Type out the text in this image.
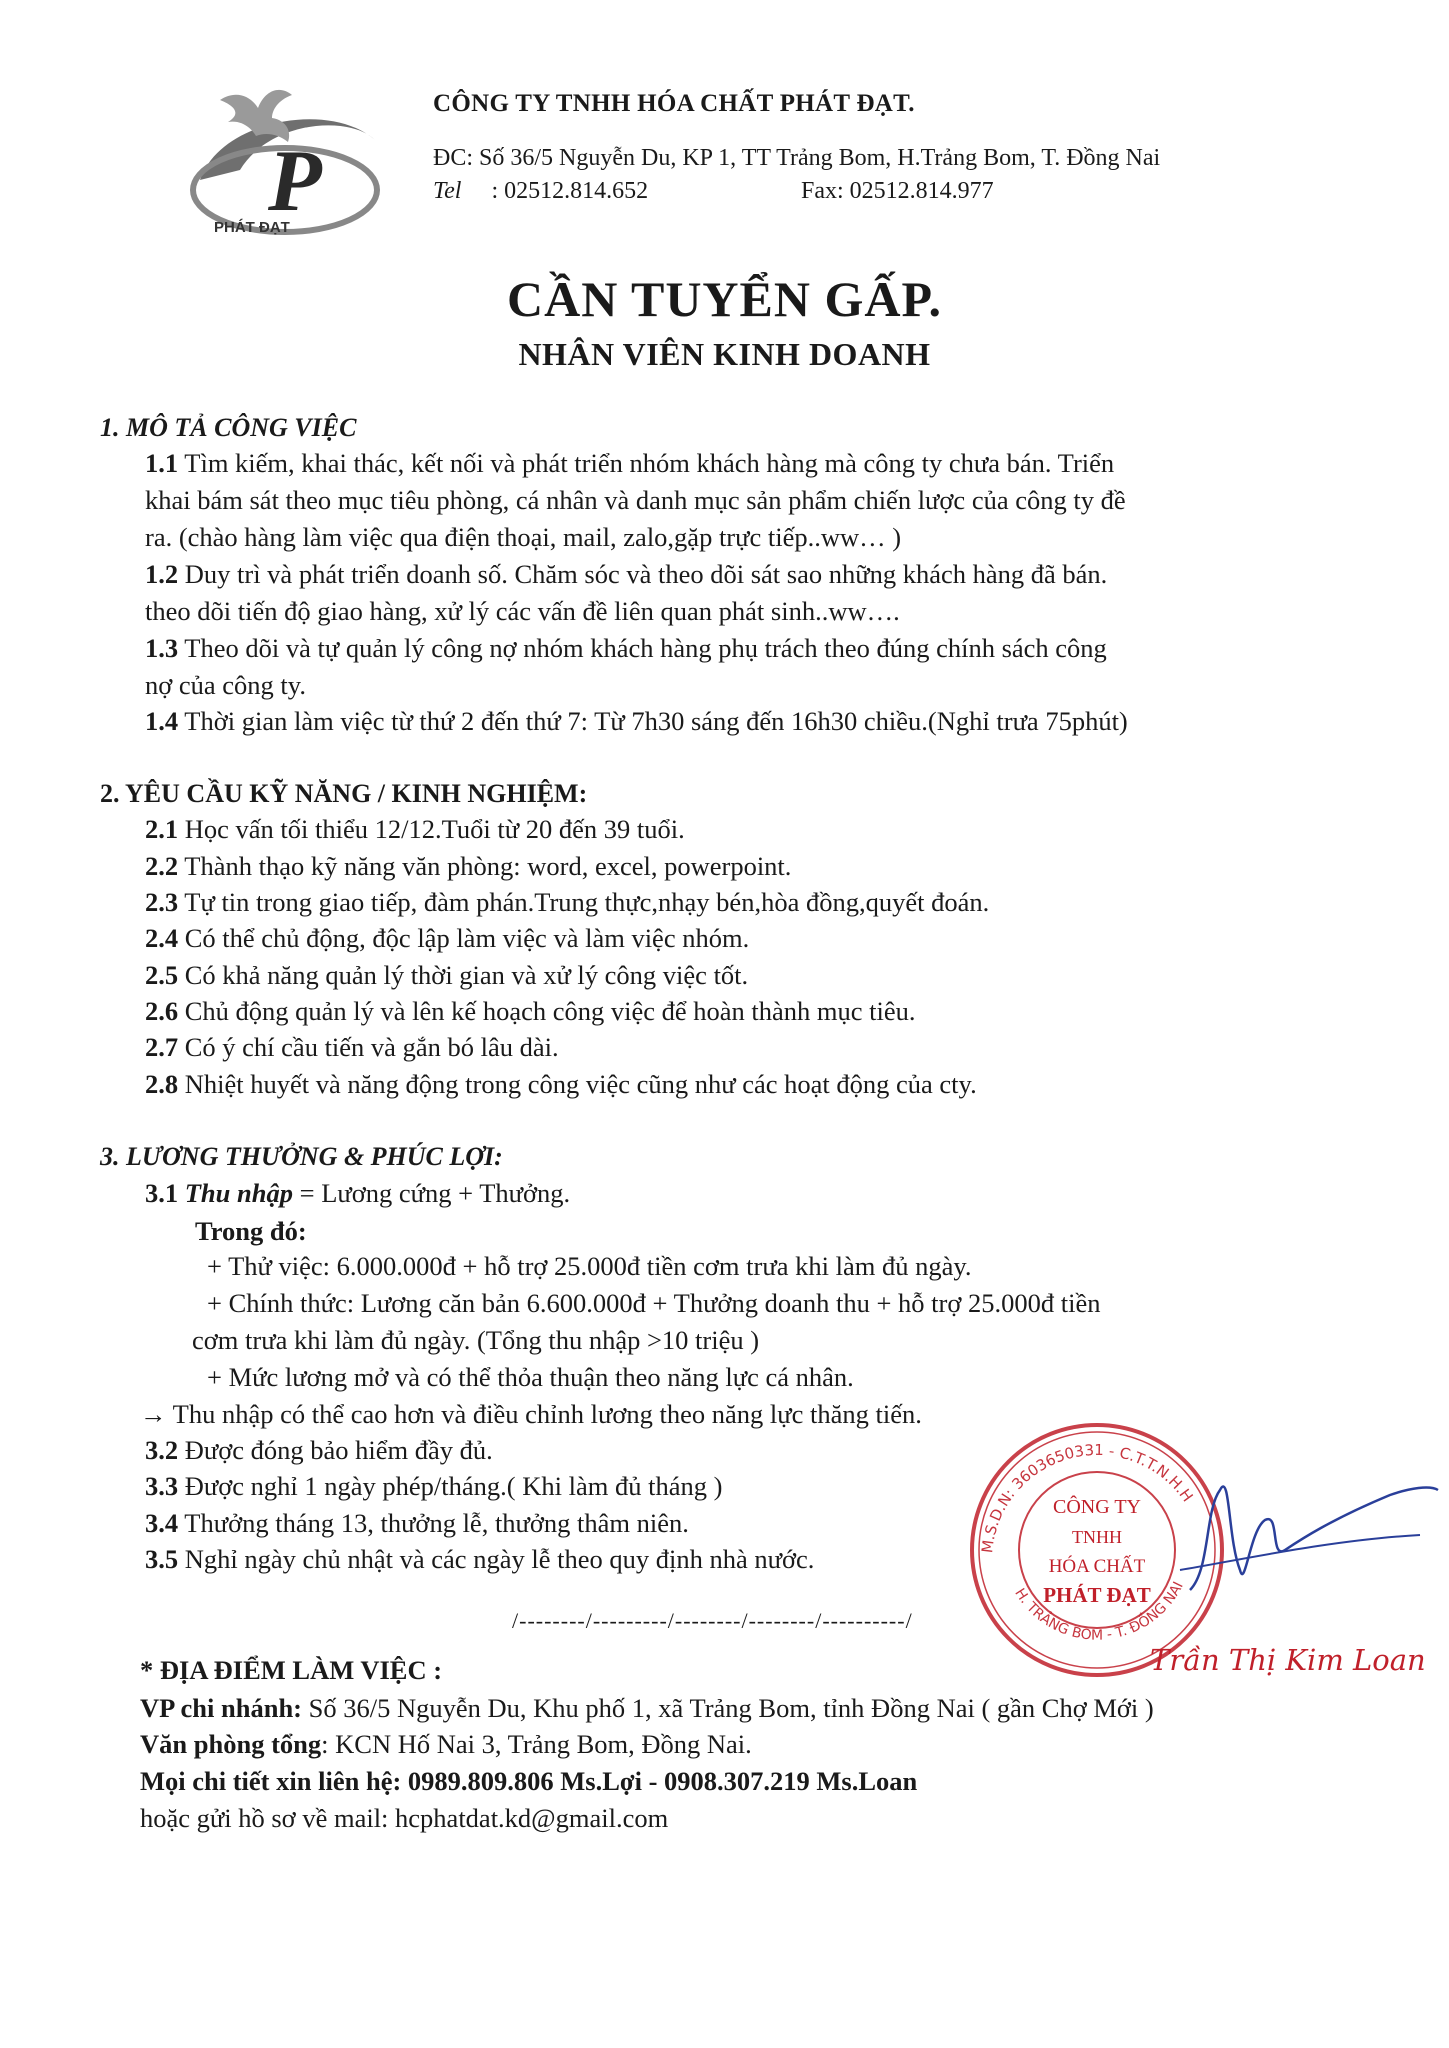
P
PHÁT ĐẠT
CÔNG TY TNHH HÓA CHẤT PHÁT ĐẠT.
ĐC: Số 36/5 Nguyễn Du, KP 1, TT Trảng Bom, H.Trảng Bom, T. Đồng Nai
Tel : 02512.814.652	Fax: 02512.814.977
CẦN TUYỂN GẤP.
NHÂN VIÊN KINH DOANH
1. MÔ TẢ CÔNG VIỆC
1.1 Tìm kiếm, khai thác, kết nối và phát triển nhóm khách hàng mà công ty chưa bán. Triển
khai bám sát theo mục tiêu phòng, cá nhân và danh mục sản phẩm chiến lược của công ty đề
ra. (chào hàng làm việc qua điện thoại, mail, zalo,gặp trực tiếp..ww… )
1.2 Duy trì và phát triển doanh số. Chăm sóc và theo dõi sát sao những khách hàng đã bán.
theo dõi tiến độ giao hàng, xử lý các vấn đề liên quan phát sinh..ww….
1.3 Theo dõi và tự quản lý công nợ nhóm khách hàng phụ trách theo đúng chính sách công
nợ của công ty.
1.4 Thời gian làm việc từ thứ 2 đến thứ 7: Từ 7h30 sáng đến 16h30 chiều.(Nghỉ trưa 75phút)
2. YÊU CẦU KỸ NĂNG / KINH NGHIỆM:
2.1 Học vấn tối thiểu 12/12.Tuổi từ 20 đến 39 tuổi.
2.2 Thành thạo kỹ năng văn phòng: word, excel, powerpoint.
2.3 Tự tin trong giao tiếp, đàm phán.Trung thực,nhạy bén,hòa đồng,quyết đoán.
2.4 Có thể chủ động, độc lập làm việc và làm việc nhóm.
2.5 Có khả năng quản lý thời gian và xử lý công việc tốt.
2.6 Chủ động quản lý và lên kế hoạch công việc để hoàn thành mục tiêu.
2.7 Có ý chí cầu tiến và gắn bó lâu dài.
2.8 Nhiệt huyết và năng động trong công việc cũng như các hoạt động của cty.
3. LƯƠNG THƯỞNG & PHÚC LỢI:
3.1 Thu nhập = Lương cứng + Thưởng.
Trong đó:
+ Thử việc: 6.000.000đ + hỗ trợ 25.000đ tiền cơm trưa khi làm đủ ngày.
+ Chính thức: Lương căn bản 6.600.000đ + Thưởng doanh thu + hỗ trợ 25.000đ tiền
cơm trưa khi làm đủ ngày. (Tổng thu nhập >10 triệu )
+ Mức lương mở và có thể thỏa thuận theo năng lực cá nhân.
→ Thu nhập có thể cao hơn và điều chỉnh lương theo năng lực thăng tiến.
3.2 Được đóng bảo hiểm đầy đủ.
3.3 Được nghỉ 1 ngày phép/tháng.( Khi làm đủ tháng )
3.4 Thưởng tháng 13, thưởng lễ, thưởng thâm niên.
3.5 Nghỉ ngày chủ nhật và các ngày lễ theo quy định nhà nước.
/--------/---------/--------/--------/----------/
* ĐỊA ĐIỂM LÀM VIỆC :
VP chi nhánh: Số 36/5 Nguyễn Du, Khu phố 1, xã Trảng Bom, tỉnh Đồng Nai ( gần Chợ Mới )
Văn phòng tổng: KCN Hố Nai 3, Trảng Bom, Đồng Nai.
Mọi chi tiết xin liên hệ: 0989.809.806 Ms.Lợi - 0908.307.219 Ms.Loan
hoặc gửi hồ sơ về mail: hcphatdat.kd@gmail.com
M.S.D.N: 3603650331 - C.T.T.N.H.H
H. TRẢNG BOM - T. ĐỒNG NAI
CÔNG TY
TNHH
HÓA CHẤT
PHÁT ĐẠT
Trần Thị Kim Loan
